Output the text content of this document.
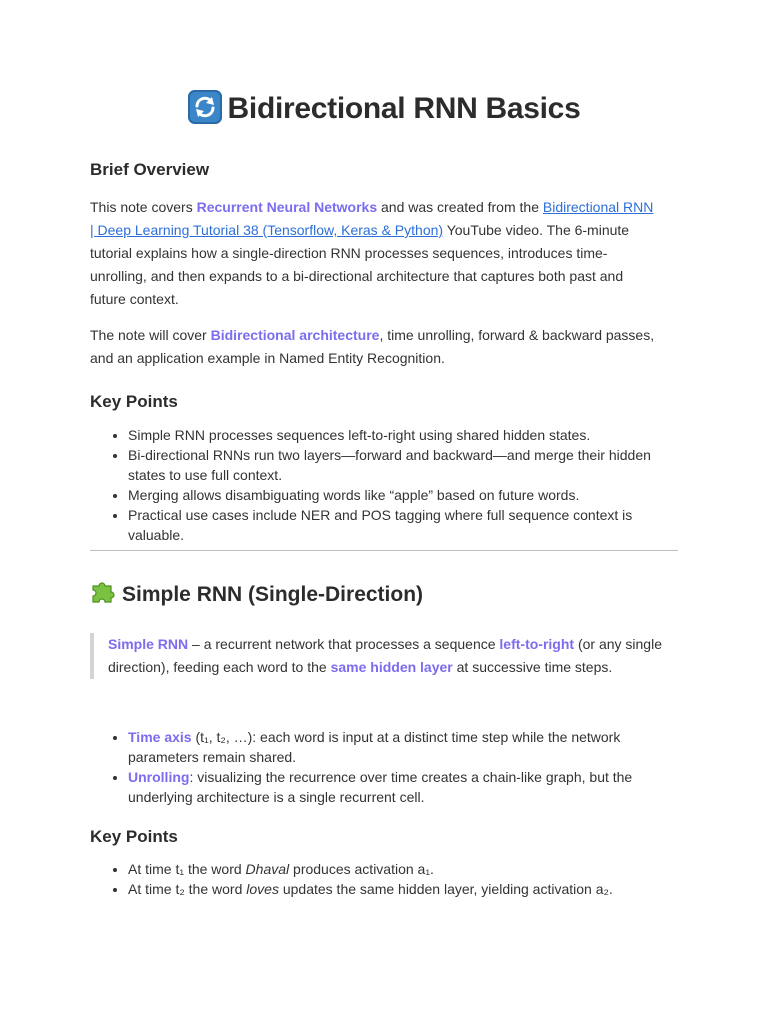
Bidirectional RNN Basics
Brief Overview

This note covers Recurrent Neural Networks and was created from the Bidirectional RNN | Deep Learning Tutorial 38 (Tensorflow, Keras & Python) YouTube video. The 6-minute tutorial explains how a single-direction RNN processes sequences, introduces time-unrolling, and then expands to a bi-directional architecture that captures both past and future context.

The note will cover Bidirectional architecture, time unrolling, forward & backward passes, and an application example in Named Entity Recognition.

Key Points
• Simple RNN processes sequences left-to-right using shared hidden states.
• Bi-directional RNNs run two layers—forward and backward—and merge their hidden states to use full context.
• Merging allows disambiguating words like “apple” based on future words.
• Practical use cases include NER and POS tagging where full sequence context is valuable.
Simple RNN (Single-Direction)

Simple RNN – a recurrent network that processes a sequence left-to-right (or any single direction), feeding each word to the same hidden layer at successive time steps.

• Time axis (t₁, t₂, …): each word is input at a distinct time step while the network parameters remain shared.
• Unrolling: visualizing the recurrence over time creates a chain-like graph, but the underlying architecture is a single recurrent cell.
Key Points
• At time t₁ the word Dhaval produces activation a₁.
• At time t₂ the word loves updates the same hidden layer, yielding activation a₂.
